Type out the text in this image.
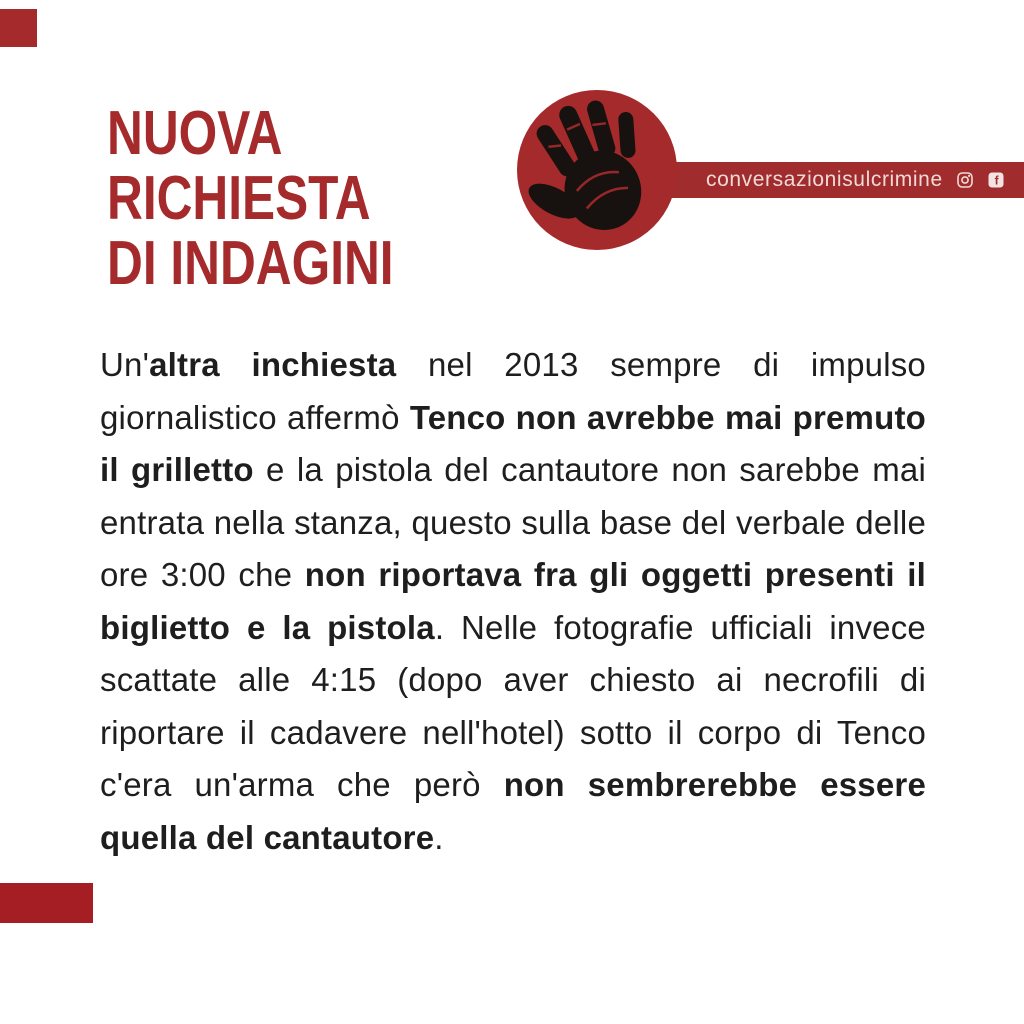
NUOVA
RICHIESTA
DI INDAGINI
conversazionisulcrimine	f

Un'altra inchiesta nel 2013 sempre di impulso giornalistico affermò Tenco non avrebbe mai premuto il grilletto e la pistola del cantautore non sarebbe mai entrata nella stanza, questo sulla base del verbale delle ore 3:00 che non riportava fra gli oggetti presenti il biglietto e la pistola. Nelle fotografie ufficiali invece scattate alle 4:15 (dopo aver chiesto ai necrofili di riportare il cadavere nell'hotel) sotto il corpo di Tenco c'era un'arma che però non sembrerebbe essere quella del cantautore.
